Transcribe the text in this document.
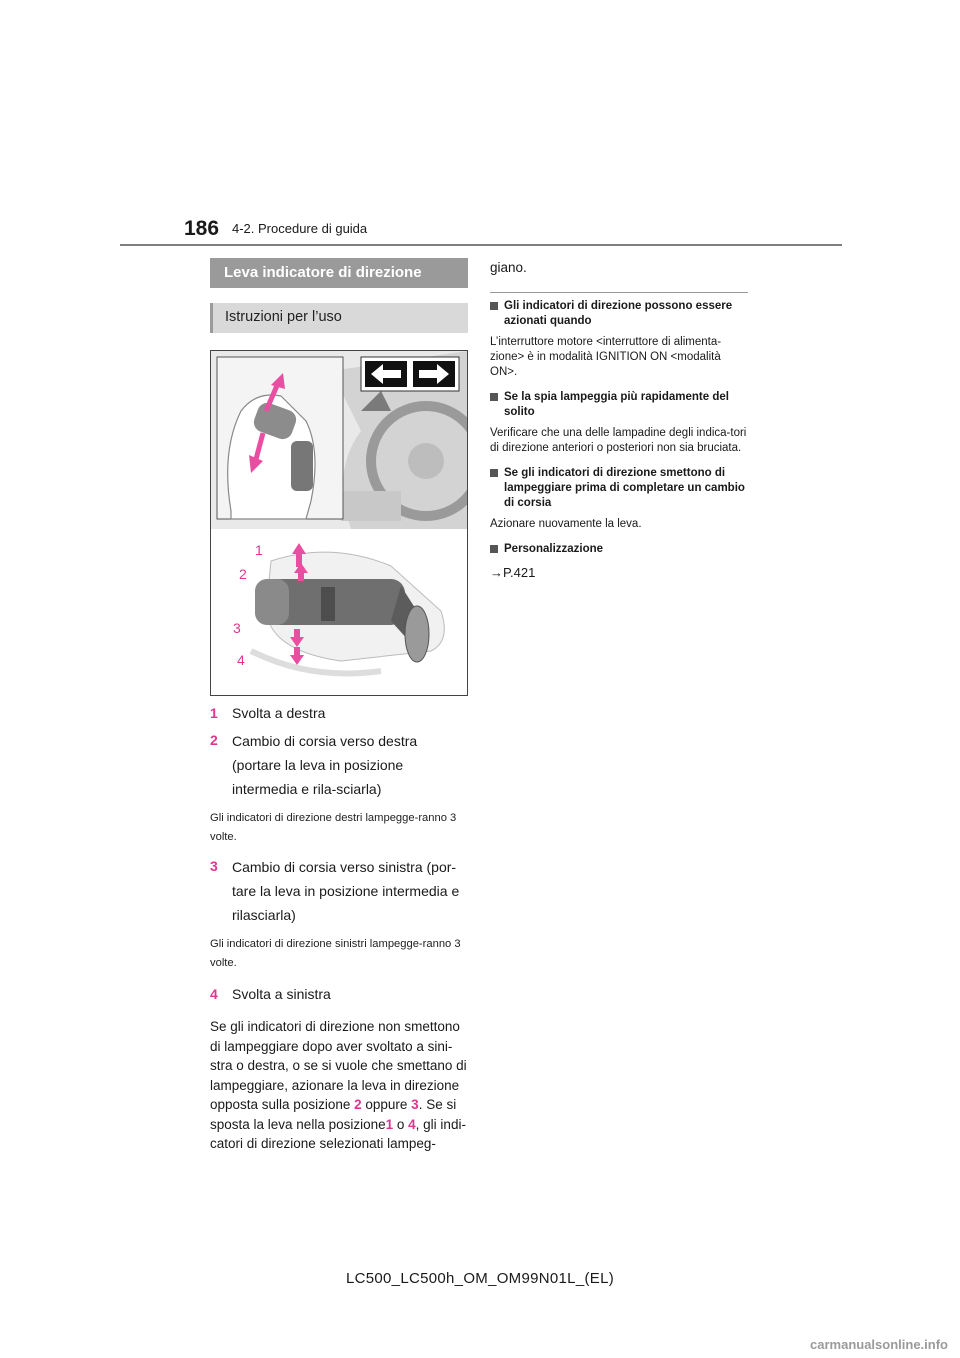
186 4-2. Procedure di guida
Leva indicatore di direzione
Istruzioni per l’uso
1
2
3
4
1 Svolta a destra
2 Cambio di corsia verso destra (portare la leva in posizione intermedia e rila-sciarla)
Gli indicatori di direzione destri lampegge-ranno 3 volte.
3 Cambio di corsia verso sinistra (por-tare la leva in posizione intermedia e rilasciarla)
Gli indicatori di direzione sinistri lampegge-ranno 3 volte.
4 Svolta a sinistra
Se gli indicatori di direzione non smettono di lampeggiare dopo aver svoltato a sini-stra o destra, o se si vuole che smettano di lampeggiare, azionare la leva in direzione opposta sulla posizione 2 oppure 3. Se si sposta la leva nella posizione1 o 4, gli indi-catori di direzione selezionati lampeg-
giano.
Gli indicatori di direzione possono essere azionati quando
L’interruttore motore <interruttore di alimenta-zione> è in modalità IGNITION ON <modalità ON>.
Se la spia lampeggia più rapidamente del solito
Verificare che una delle lampadine degli indica-tori di direzione anteriori o posteriori non sia bruciata.
Se gli indicatori di direzione smettono di lampeggiare prima di completare un cambio di corsia
Azionare nuovamente la leva.
Personalizzazione
→P.421
LC500_LC500h_OM_OM99N01L_(EL)
carmanualsonline.info
